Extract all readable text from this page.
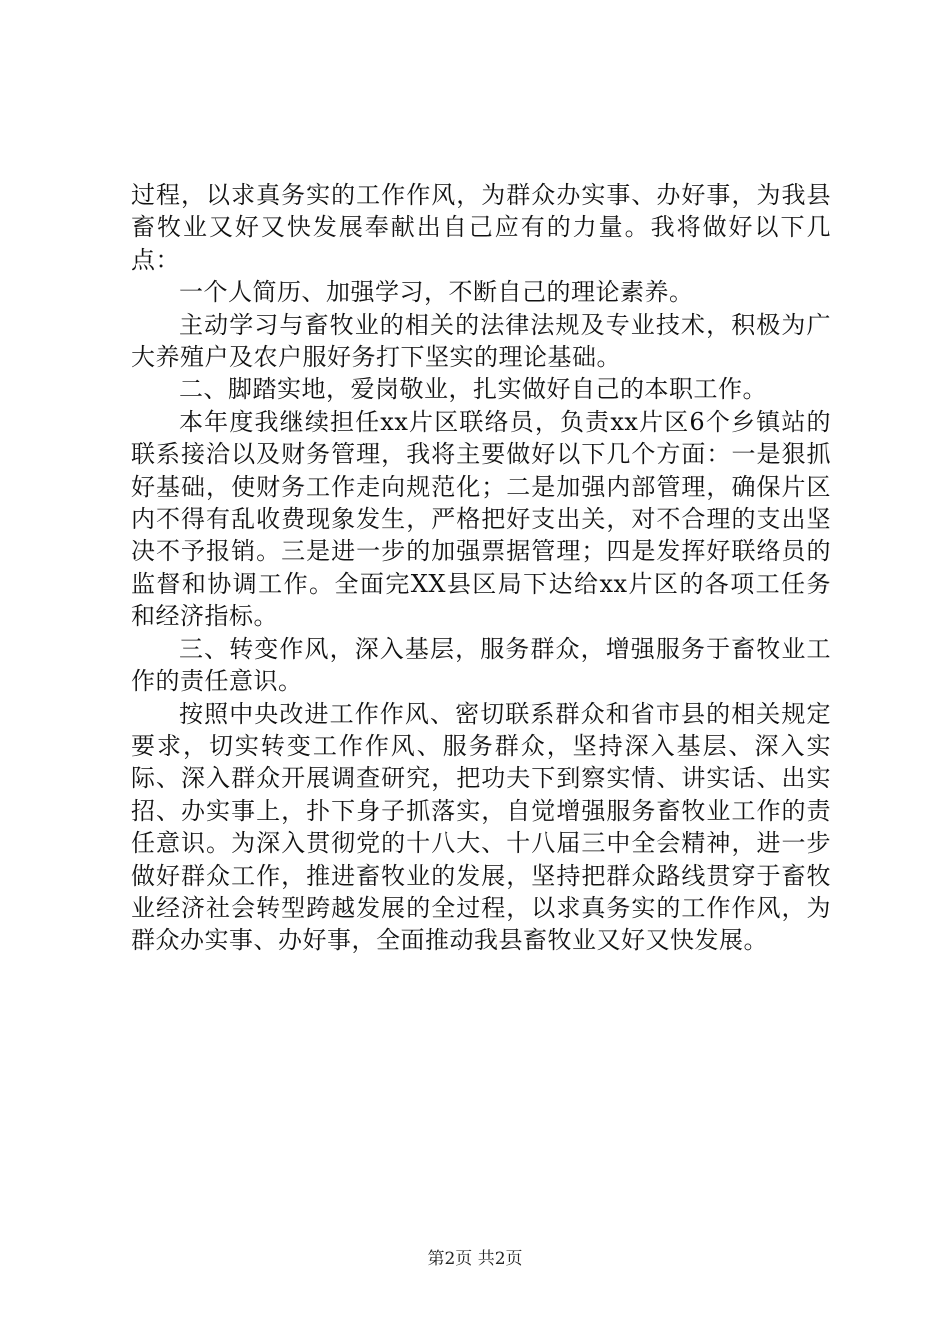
过程，以求真务实的工作作风，为群众办实事、办好事，为我县畜牧业又好又快发展奉献出自己应有的力量。我将做好以下几点：

一个人简历、加强学习，不断自己的理论素养。

主动学习与畜牧业的相关的法律法规及专业技术，积极为广大养殖户及农户服好务打下坚实的理论基础。

二、脚踏实地，爱岗敬业，扎实做好自己的本职工作。

本年度我继续担任xx片区联络员，负责xx片区6个乡镇站的联系接洽以及财务管理，我将主要做好以下几个方面：一是狠抓好基础，使财务工作走向规范化；二是加强内部管理，确保片区内不得有乱收费现象发生，严格把好支出关，对不合理的支出坚决不予报销。三是进一步的加强票据管理；四是发挥好联络员的监督和协调工作。全面完XX县区局下达给xx片区的各项工任务和经济指标。

三、转变作风，深入基层，服务群众，增强服务于畜牧业工作的责任意识。

按照中央改进工作作风、密切联系群众和省市县的相关规定要求，切实转变工作作风、服务群众，坚持深入基层、深入实际、深入群众开展调查研究，把功夫下到察实情、讲实话、出实招、办实事上，扑下身子抓落实，自觉增强服务畜牧业工作的责任意识。为深入贯彻党的十八大、十八届三中全会精神，进一步做好群众工作，推进畜牧业的发展，坚持把群众路线贯穿于畜牧业经济社会转型跨越发展的全过程，以求真务实的工作作风，为群众办实事、办好事，全面推动我县畜牧业又好又快发展。

第2页 共2页
